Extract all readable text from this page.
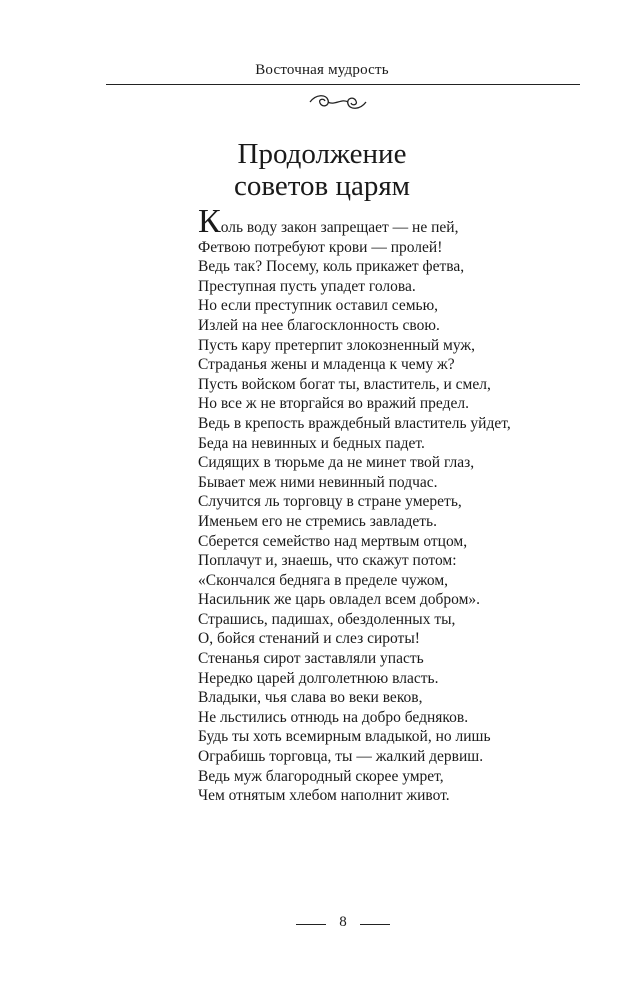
Восточная мудрость
Продолжение
советов царям
Коль воду закон запрещает — не пей,
Фетвою потребуют крови — пролей!
Ведь так? Посему, коль прикажет фетва,
Преступная пусть упадет голова.
Но если преступник оставил семью,
Излей на нее благосклонность свою.
Пусть кару претерпит злокозненный муж,
Страданья жены и младенца к чему ж?
Пусть войском богат ты, властитель, и смел,
Но все ж не вторгайся во вражий предел.
Ведь в крепость враждебный властитель уйдет,
Беда на невинных и бедных падет.
Сидящих в тюрьме да не минет твой глаз,
Бывает меж ними невинный подчас.
Случится ль торговцу в стране умереть,
Именьем его не стремись завладеть.
Сберется семейство над мертвым отцом,
Поплачут и, знаешь, что скажут потом:
«Скончался бедняга в пределе чужом,
Насильник же царь овладел всем добром».
Страшись, падишах, обездоленных ты,
О, бойся стенаний и слез сироты!
Стенанья сирот заставляли упасть
Нередко царей долголетнюю власть.
Владыки, чья слава во веки веков,
Не льстились отнюдь на добро бедняков.
Будь ты хоть всемирным владыкой, но лишь
Ограбишь торговца, ты — жалкий дервиш.
Ведь муж благородный скорее умрет,
Чем отнятым хлебом наполнит живот.
8
